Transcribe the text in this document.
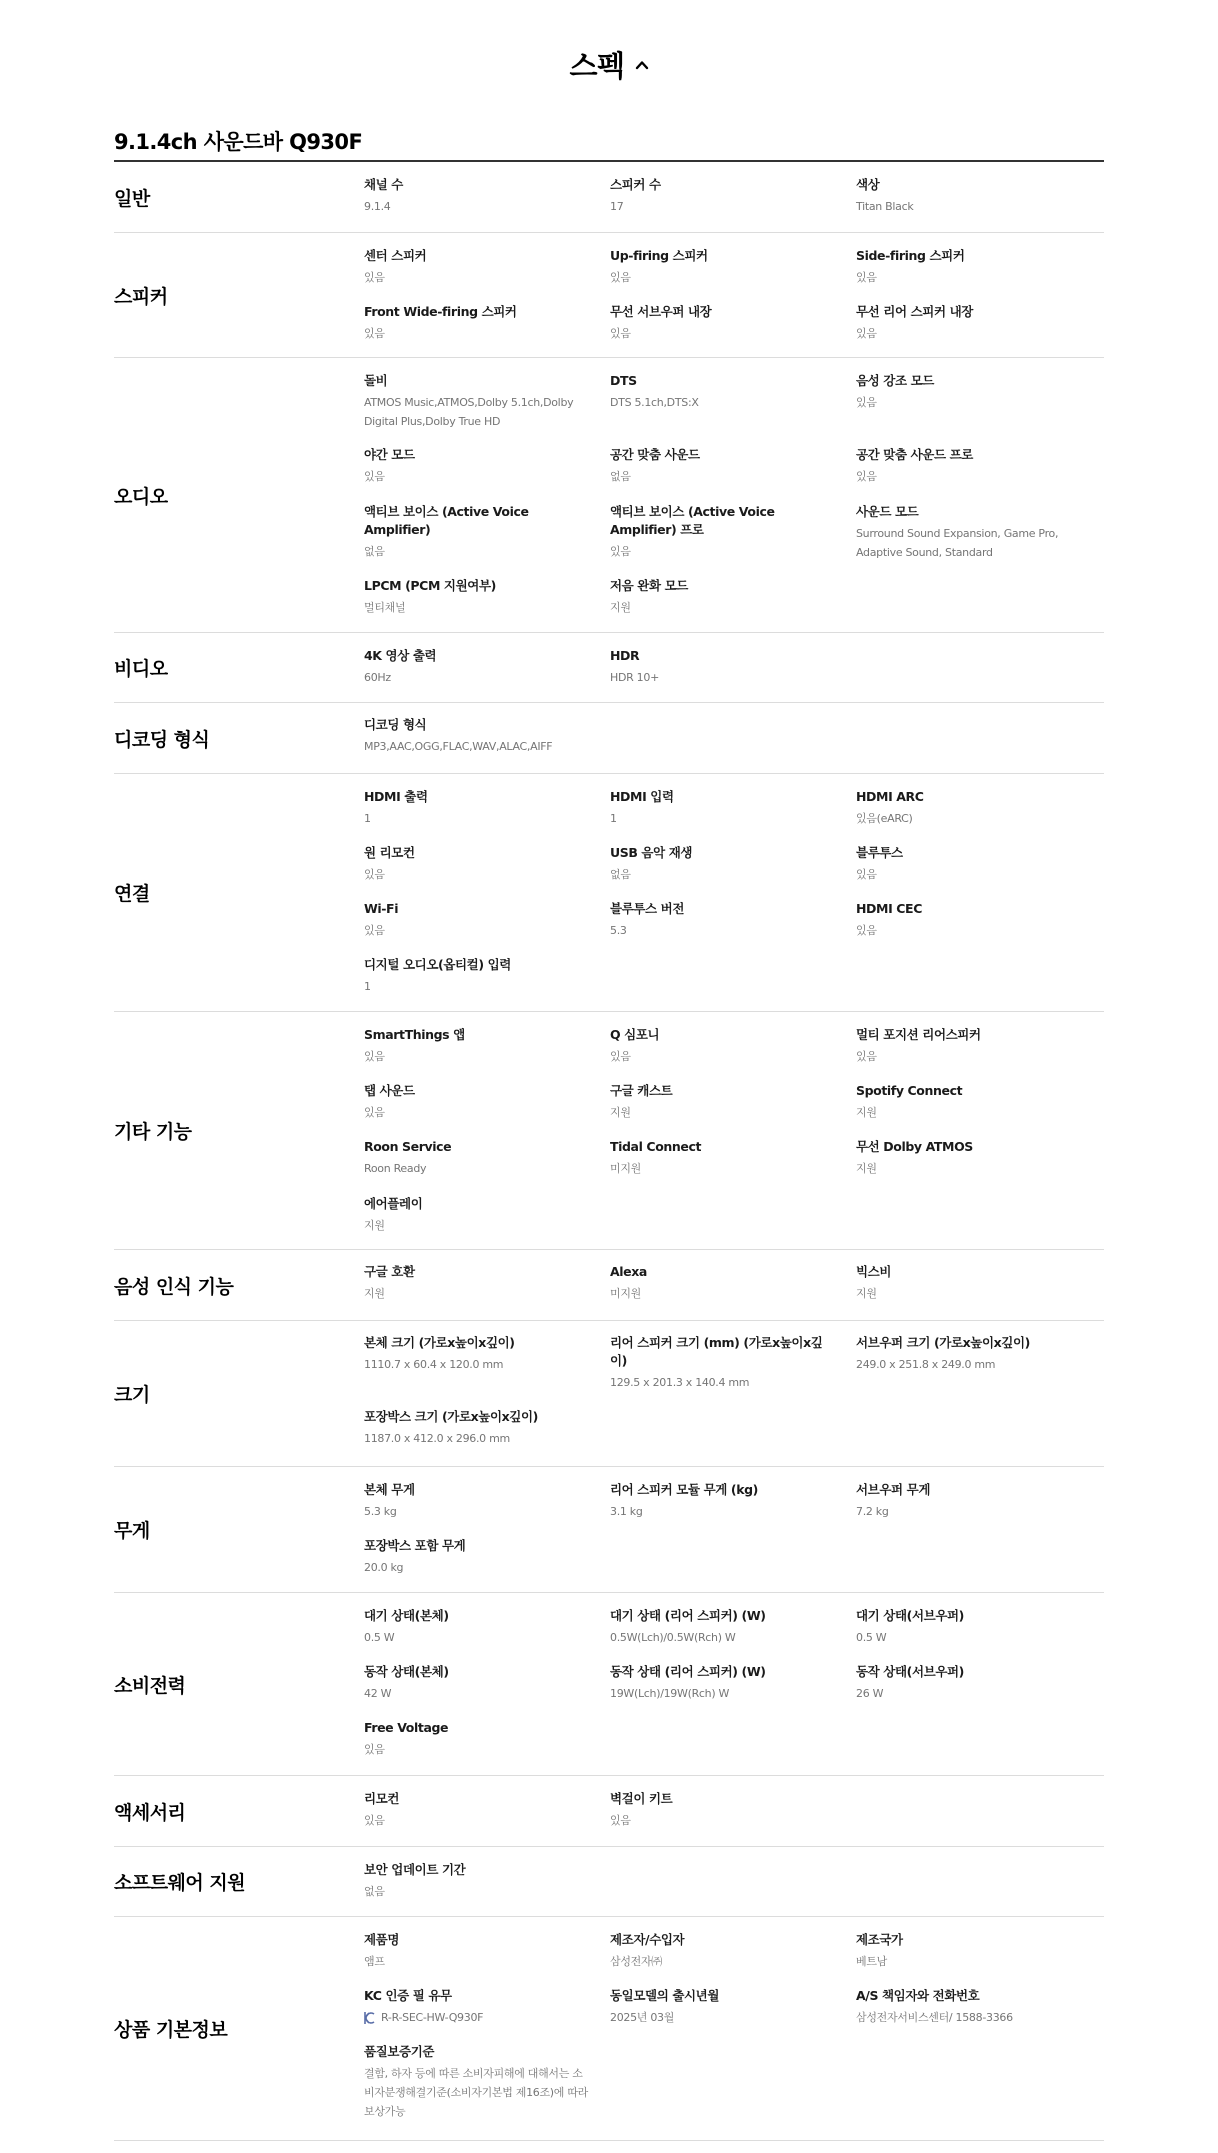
스펙
9.1.4ch 사운드바 Q930F
일반
채널 수
9.1.4
스피커 수
17
색상
Titan Black
스피커
센터 스피커
있음
Up-firing 스피커
있음
Side-firing 스피커
있음
Front Wide-firing 스피커
있음
무선 서브우퍼 내장
있음
무선 리어 스피커 내장
있음
오디오
돌비
ATMOS Music,ATMOS,Dolby 5.1ch,Dolby Digital Plus,Dolby True HD
DTS
DTS 5.1ch,DTS:X
음성 강조 모드
있음
야간 모드
있음
공간 맞춤 사운드
없음
공간 맞춤 사운드 프로
있음
액티브 보이스 (Active Voice Amplifier)
없음
액티브 보이스 (Active Voice Amplifier) 프로
있음
사운드 모드
Surround Sound Expansion, Game Pro, Adaptive Sound, Standard
LPCM (PCM 지원여부)
멀티채널
저음 완화 모드
지원
비디오
4K 영상 출력
60Hz
HDR
HDR 10+
디코딩 형식
디코딩 형식
MP3,AAC,OGG,FLAC,WAV,ALAC,AIFF
연결
HDMI 출력
1
HDMI 입력
1
HDMI ARC
있음(eARC)
원 리모컨
있음
USB 음악 재생
없음
블루투스
있음
Wi-Fi
있음
블루투스 버전
5.3
HDMI CEC
있음
디지털 오디오(옵티컬) 입력
1
기타 기능
SmartThings 앱
있음
Q 심포니
있음
멀티 포지션 리어스피커
있음
탭 사운드
있음
구글 캐스트
지원
Spotify Connect
지원
Roon Service
Roon Ready
Tidal Connect
미지원
무선 Dolby ATMOS
지원
에어플레이
지원
음성 인식 기능
구글 호환
지원
Alexa
미지원
빅스비
지원
크기
본체 크기 (가로x높이x깊이)
1110.7 x 60.4 x 120.0 mm
리어 스피커 크기 (mm) (가로x높이x깊이)
129.5 x 201.3 x 140.4 mm
서브우퍼 크기 (가로x높이x깊이)
249.0 x 251.8 x 249.0 mm
포장박스 크기 (가로x높이x깊이)
1187.0 x 412.0 x 296.0 mm
무게
본체 무게
5.3 kg
리어 스피커 모듈 무게 (kg)
3.1 kg
서브우퍼 무게
7.2 kg
포장박스 포함 무게
20.0 kg
소비전력
대기 상태(본체)
0.5 W
대기 상태 (리어 스피커) (W)
0.5W(Lch)/0.5W(Rch) W
대기 상태(서브우퍼)
0.5 W
동작 상태(본체)
42 W
동작 상태 (리어 스피커) (W)
19W(Lch)/19W(Rch) W
동작 상태(서브우퍼)
26 W
Free Voltage
있음
액세서리
리모컨
있음
벽걸이 키트
있음
소프트웨어 지원
보안 업데이트 기간
없음
상품 기본정보
제품명
앰프
제조자/수입자
삼성전자㈜
제조국가
베트남
KC 인증 필 유무
R-R-SEC-HW-Q930F
동일모델의 출시년월
2025년 03월
A/S 책임자와 전화번호
삼성전자서비스센터/ 1588-3366
품질보증기준
결함, 하자 등에 따른 소비자피해에 대해서는 소비자분쟁해결기준(소비자기본법 제16조)에 따라 보상가능
